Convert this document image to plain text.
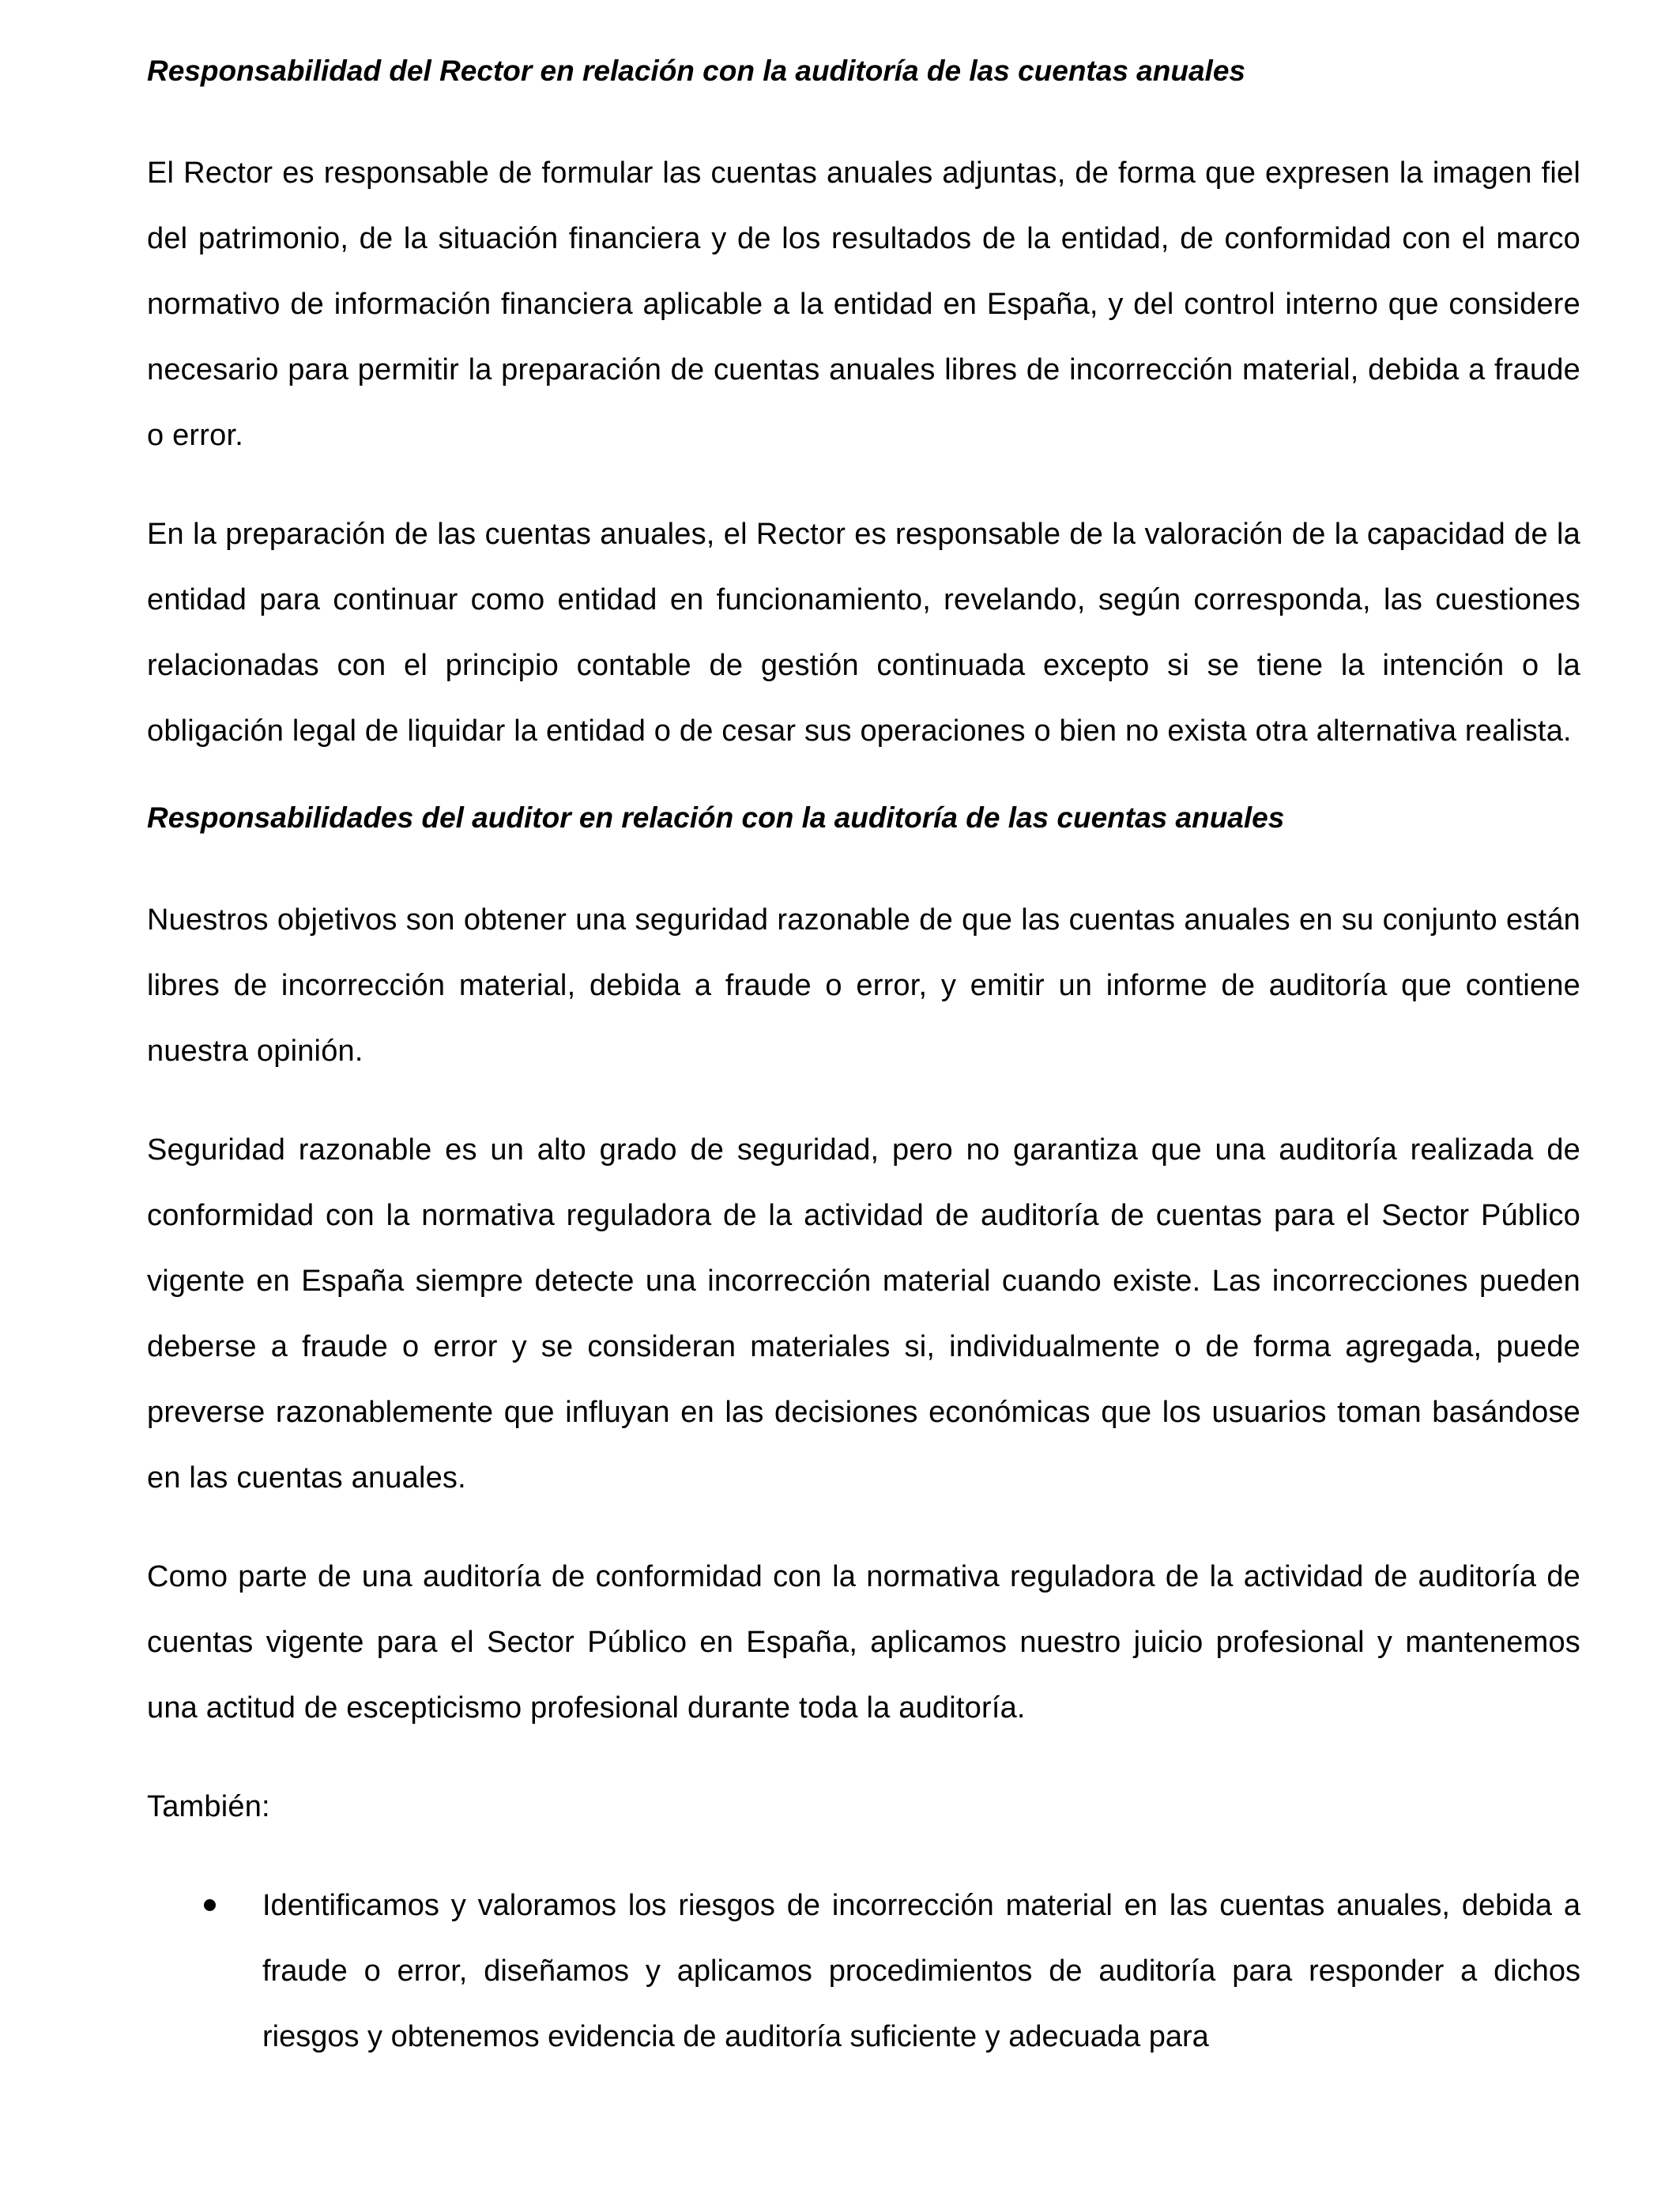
Responsabilidad del Rector en relación con la auditoría de las cuentas anuales

El Rector es responsable de formular las cuentas anuales adjuntas, de forma que expresen la imagen fiel del patrimonio, de la situación financiera y de los resultados de la entidad, de conformidad con el marco normativo de información financiera aplicable a la entidad en España, y del control interno que considere necesario para permitir la preparación de cuentas anuales libres de incorrección material, debida a fraude o error.

En la preparación de las cuentas anuales, el Rector es responsable de la valoración de la capacidad de la entidad para continuar como entidad en funcionamiento, revelando, según corresponda, las cuestiones relacionadas con el principio contable de gestión continuada excepto si se tiene la intención o la obligación legal de liquidar la entidad o de cesar sus operaciones o bien no exista otra alternativa realista.

Responsabilidades del auditor en relación con la auditoría de las cuentas anuales

Nuestros objetivos son obtener una seguridad razonable de que las cuentas anuales en su conjunto están libres de incorrección material, debida a fraude o error, y emitir un informe de auditoría que contiene nuestra opinión.

Seguridad razonable es un alto grado de seguridad, pero no garantiza que una auditoría realizada de conformidad con la normativa reguladora de la actividad de auditoría de cuentas para el Sector Público vigente en España siempre detecte una incorrección material cuando existe. Las incorrecciones pueden deberse a fraude o error y se consideran materiales si, individualmente o de forma agregada, puede preverse razonablemente que influyan en las decisiones económicas que los usuarios toman basándose en las cuentas anuales.

Como parte de una auditoría de conformidad con la normativa reguladora de la actividad de auditoría de cuentas vigente para el Sector Público en España, aplicamos nuestro juicio profesional y mantenemos una actitud de escepticismo profesional durante toda la auditoría.

También:

Identificamos y valoramos los riesgos de incorrección material en las cuentas anuales, debida a fraude o error, diseñamos y aplicamos procedimientos de auditoría para responder a dichos riesgos y obtenemos evidencia de auditoría suficiente y adecuada para
